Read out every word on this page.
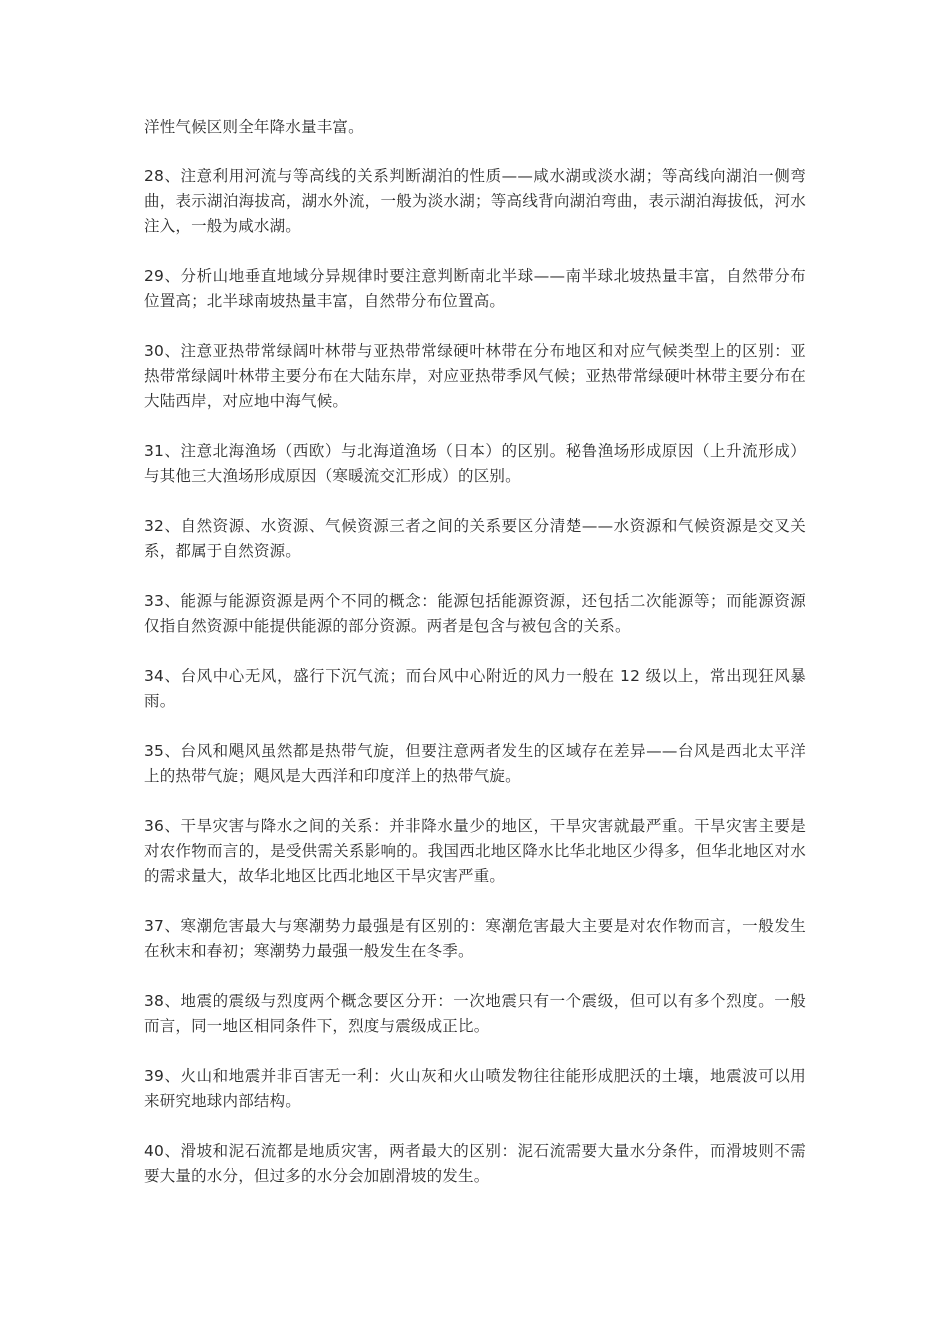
洋性气候区则全年降水量丰富。

28、注意利用河流与等高线的关系判断湖泊的性质——咸水湖或淡水湖；等高线向湖泊一侧弯曲，表示湖泊海拔高，湖水外流，一般为淡水湖；等高线背向湖泊弯曲，表示湖泊海拔低，河水注入，一般为咸水湖。

29、分析山地垂直地域分异规律时要注意判断南北半球——南半球北坡热量丰富，自然带分布位置高；北半球南坡热量丰富，自然带分布位置高。

30、注意亚热带常绿阔叶林带与亚热带常绿硬叶林带在分布地区和对应气候类型上的区别：亚热带常绿阔叶林带主要分布在大陆东岸，对应亚热带季风气候；亚热带常绿硬叶林带主要分布在大陆西岸，对应地中海气候。

31、注意北海渔场（西欧）与北海道渔场（日本）的区别。秘鲁渔场形成原因（上升流形成）与其他三大渔场形成原因（寒暖流交汇形成）的区别。

32、自然资源、水资源、气候资源三者之间的关系要区分清楚——水资源和气候资源是交叉关系，都属于自然资源。

33、能源与能源资源是两个不同的概念：能源包括能源资源，还包括二次能源等；而能源资源仅指自然资源中能提供能源的部分资源。两者是包含与被包含的关系。

34、台风中心无风，盛行下沉气流；而台风中心附近的风力一般在 12 级以上，常出现狂风暴雨。

35、台风和飓风虽然都是热带气旋，但要注意两者发生的区域存在差异——台风是西北太平洋上的热带气旋；飓风是大西洋和印度洋上的热带气旋。

36、干旱灾害与降水之间的关系：并非降水量少的地区，干旱灾害就最严重。干旱灾害主要是对农作物而言的，是受供需关系影响的。我国西北地区降水比华北地区少得多，但华北地区对水的需求量大，故华北地区比西北地区干旱灾害严重。

37、寒潮危害最大与寒潮势力最强是有区别的：寒潮危害最大主要是对农作物而言，一般发生在秋末和春初；寒潮势力最强一般发生在冬季。

38、地震的震级与烈度两个概念要区分开：一次地震只有一个震级，但可以有多个烈度。一般而言，同一地区相同条件下，烈度与震级成正比。

39、火山和地震并非百害无一利：火山灰和火山喷发物往往能形成肥沃的土壤，地震波可以用来研究地球内部结构。

40、滑坡和泥石流都是地质灾害，两者最大的区别：泥石流需要大量水分条件，而滑坡则不需要大量的水分，但过多的水分会加剧滑坡的发生。
